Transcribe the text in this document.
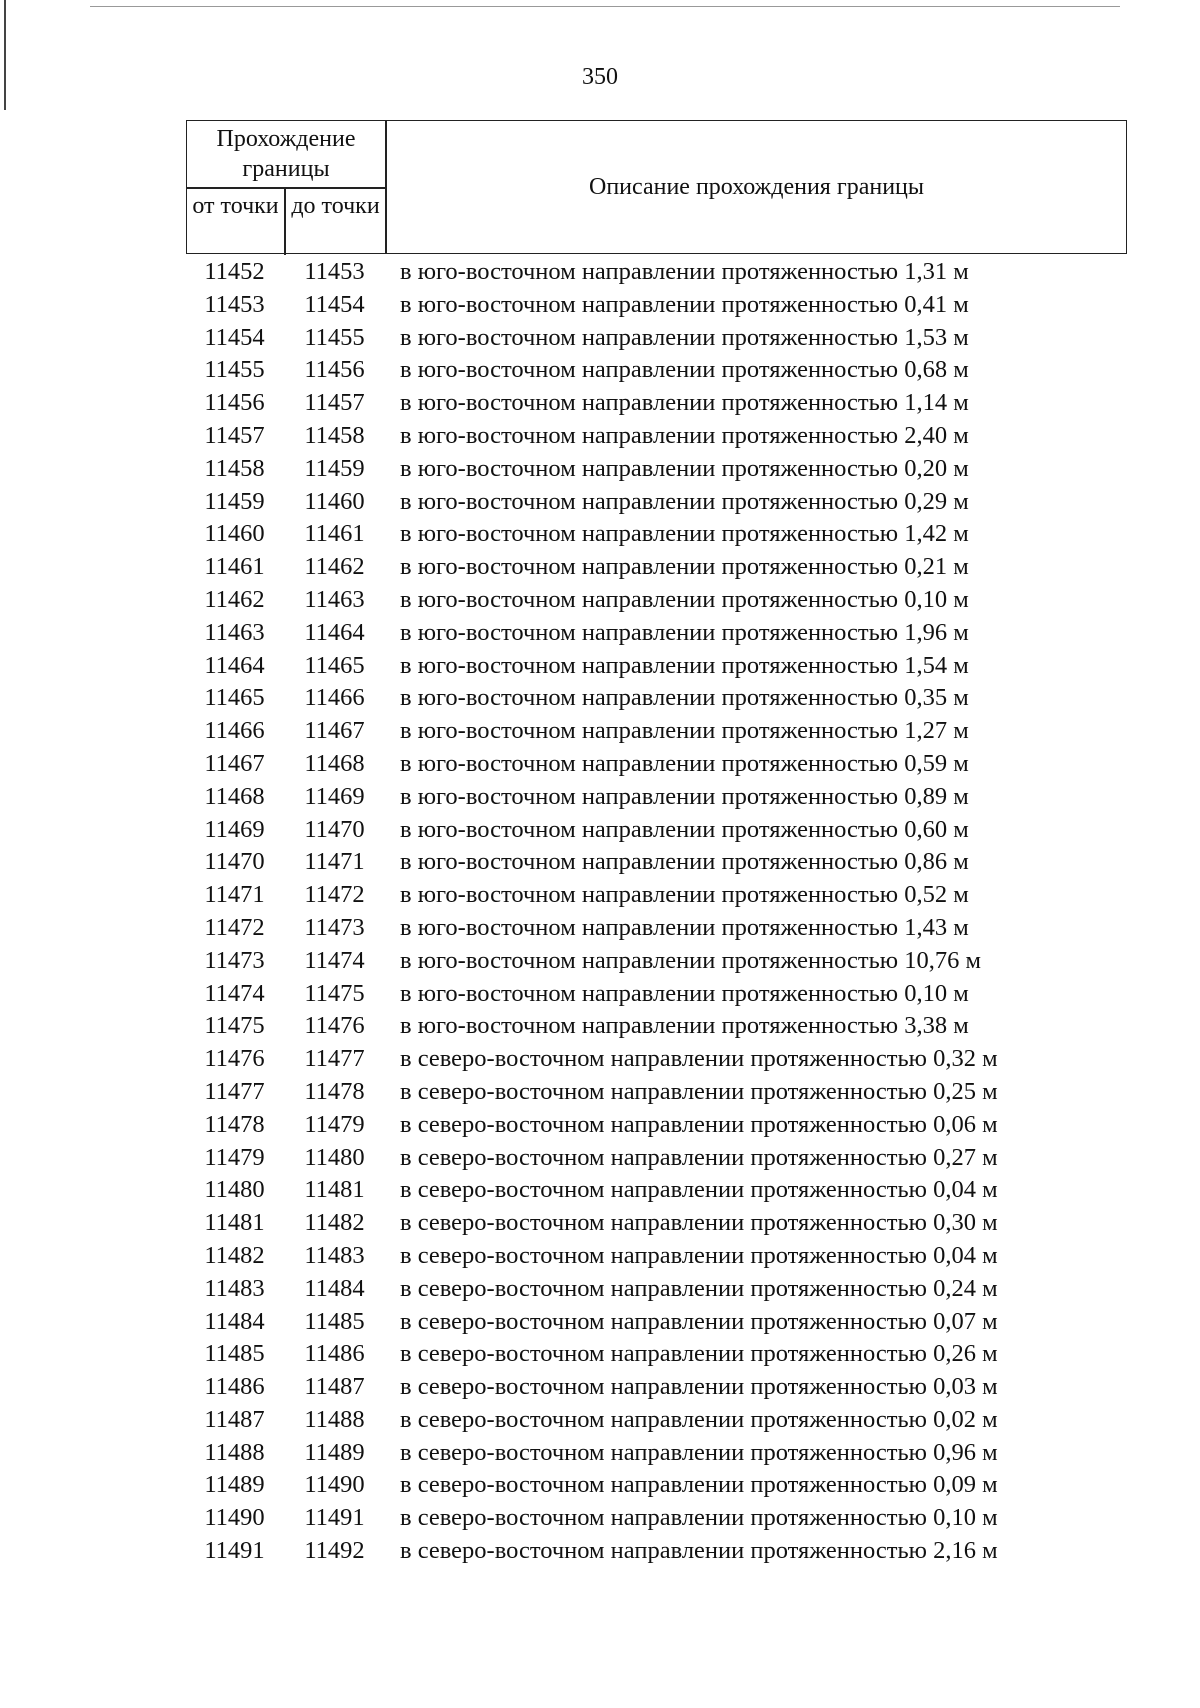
350
Прохождение границы
от точки до точки
Описание прохождения границы
11452	11453	в юго-восточном направлении протяженностью 1,31 м
11453	11454	в юго-восточном направлении протяженностью 0,41 м
11454	11455	в юго-восточном направлении протяженностью 1,53 м
11455	11456	в юго-восточном направлении протяженностью 0,68 м
11456	11457	в юго-восточном направлении протяженностью 1,14 м
11457	11458	в юго-восточном направлении протяженностью 2,40 м
11458	11459	в юго-восточном направлении протяженностью 0,20 м
11459	11460	в юго-восточном направлении протяженностью 0,29 м
11460	11461	в юго-восточном направлении протяженностью 1,42 м
11461	11462	в юго-восточном направлении протяженностью 0,21 м
11462	11463	в юго-восточном направлении протяженностью 0,10 м
11463	11464	в юго-восточном направлении протяженностью 1,96 м
11464	11465	в юго-восточном направлении протяженностью 1,54 м
11465	11466	в юго-восточном направлении протяженностью 0,35 м
11466	11467	в юго-восточном направлении протяженностью 1,27 м
11467	11468	в юго-восточном направлении протяженностью 0,59 м
11468	11469	в юго-восточном направлении протяженностью 0,89 м
11469	11470	в юго-восточном направлении протяженностью 0,60 м
11470	11471	в юго-восточном направлении протяженностью 0,86 м
11471	11472	в юго-восточном направлении протяженностью 0,52 м
11472	11473	в юго-восточном направлении протяженностью 1,43 м
11473	11474	в юго-восточном направлении протяженностью 10,76 м
11474	11475	в юго-восточном направлении протяженностью 0,10 м
11475	11476	в юго-восточном направлении протяженностью 3,38 м
11476	11477	в северо-восточном направлении протяженностью 0,32 м
11477	11478	в северо-восточном направлении протяженностью 0,25 м
11478	11479	в северо-восточном направлении протяженностью 0,06 м
11479	11480	в северо-восточном направлении протяженностью 0,27 м
11480	11481	в северо-восточном направлении протяженностью 0,04 м
11481	11482	в северо-восточном направлении протяженностью 0,30 м
11482	11483	в северо-восточном направлении протяженностью 0,04 м
11483	11484	в северо-восточном направлении протяженностью 0,24 м
11484	11485	в северо-восточном направлении протяженностью 0,07 м
11485	11486	в северо-восточном направлении протяженностью 0,26 м
11486	11487	в северо-восточном направлении протяженностью 0,03 м
11487	11488	в северо-восточном направлении протяженностью 0,02 м
11488	11489	в северо-восточном направлении протяженностью 0,96 м
11489	11490	в северо-восточном направлении протяженностью 0,09 м
11490	11491	в северо-восточном направлении протяженностью 0,10 м
11491	11492	в северо-восточном направлении протяженностью 2,16 м
